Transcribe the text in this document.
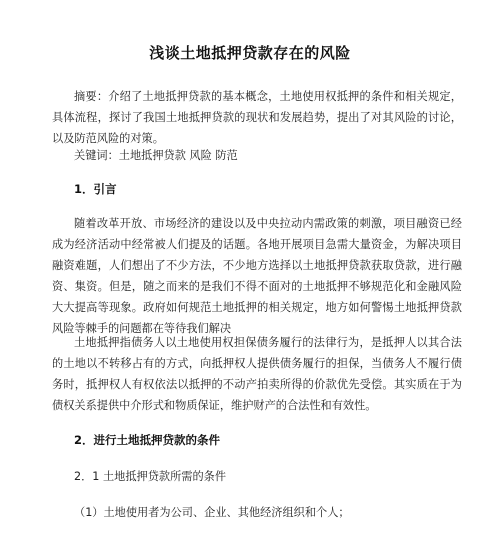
浅谈土地抵押贷款存在的风险

摘要：介绍了土地抵押贷款的基本概念，土地使用权抵押的条件和相关规定，具体流程，探讨了我国土地抵押贷款的现状和发展趋势，提出了对其风险的讨论，以及防范风险的对策。

关键词：土地抵押贷款 风险 防范

1．引言

随着改革开放、市场经济的建设以及中央拉动内需政策的刺激，项目融资已经成为经济活动中经常被人们提及的话题。各地开展项目急需大量资金，为解决项目融资难题，人们想出了不少方法，不少地方选择以土地抵押贷款获取贷款，进行融资、集资。但是，随之而来的是我们不得不面对的土地抵押不够规范化和金融风险大大提高等现象。政府如何规范土地抵押的相关规定，地方如何警惕土地抵押贷款风险等棘手的问题都在等待我们解决

土地抵押指债务人以土地使用权担保债务履行的法律行为，是抵押人以其合法的土地以不转移占有的方式，向抵押权人提供债务履行的担保，当债务人不履行债务时，抵押权人有权依法以抵押的不动产拍卖所得的价款优先受偿。其实质在于为债权关系提供中介形式和物质保证，维护财产的合法性和有效性。

2．进行土地抵押贷款的条件
2．1 土地抵押贷款所需的条件
（1）土地使用者为公司、企业、其他经济组织和个人；
